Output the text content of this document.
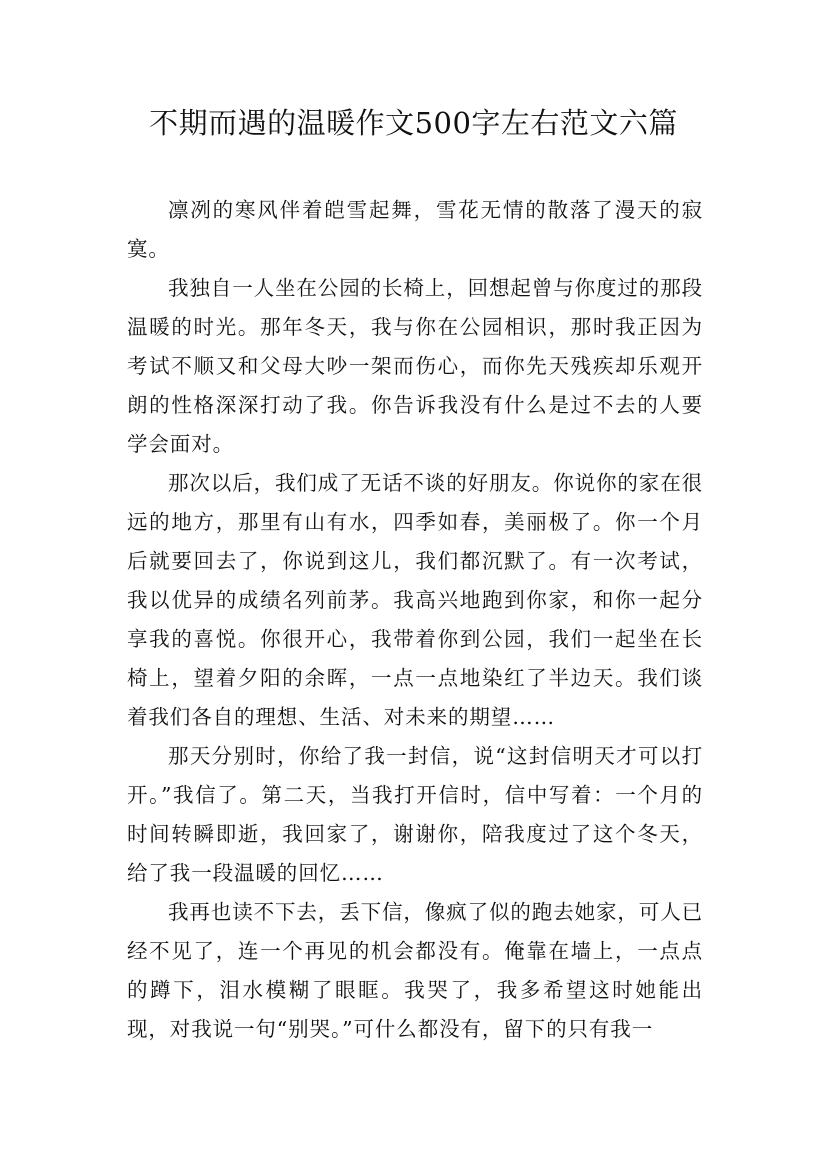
不期而遇的温暖作文500字左右范文六篇

凛冽的寒风伴着皑雪起舞，雪花无情的散落了漫天的寂寞。

我独自一人坐在公园的长椅上，回想起曾与你度过的那段温暖的时光。那年冬天，我与你在公园相识，那时我正因为考试不顺又和父母大吵一架而伤心，而你先天残疾却乐观开朗的性格深深打动了我。你告诉我没有什么是过不去的人要学会面对。

那次以后，我们成了无话不谈的好朋友。你说你的家在很远的地方，那里有山有水，四季如春，美丽极了。你一个月后就要回去了，你说到这儿，我们都沉默了。有一次考试，我以优异的成绩名列前茅。我高兴地跑到你家，和你一起分享我的喜悦。你很开心，我带着你到公园，我们一起坐在长椅上，望着夕阳的余晖，一点一点地染红了半边天。我们谈着我们各自的理想、生活、对未来的期望……

那天分别时，你给了我一封信，说“这封信明天才可以打开。”我信了。第二天，当我打开信时，信中写着：一个月的时间转瞬即逝，我回家了，谢谢你，陪我度过了这个冬天，给了我一段温暖的回忆……

我再也读不下去，丢下信，像疯了似的跑去她家，可人已经不见了，连一个再见的机会都没有。俺靠在墙上，一点点的蹲下，泪水模糊了眼眶。我哭了，我多希望这时她能出现，对我说一句“别哭。”可什么都没有，留下的只有我一
